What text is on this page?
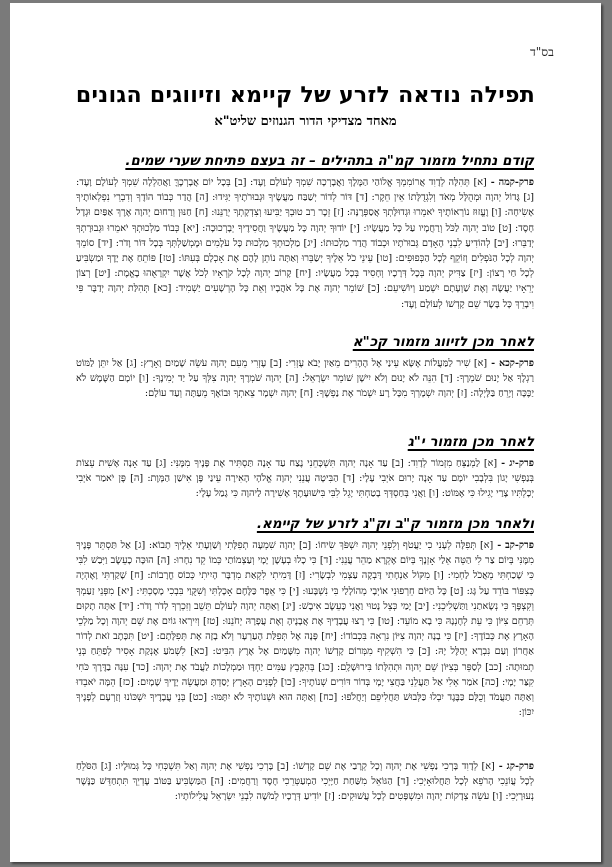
בס"ד
תפילה נודאה לזרע של קיימא וזיווגים הגונים
מאחד מצדיקי הדור הגנוזים שליט"א
קודם נתחיל מזמור קמ"ה בתהילים – זה בעצם פתיחת שערי שמים.

פרק-קמה -[א] תְּהִלָּה לְדָוִד אֲרוֹמִמְךָ אֱלוֹהַי הַמֶּלֶךְ וַאֲבָרְכָה שִׁמְךָ לְעוֹלָם וָעֶד: [ב] בְּכָל יוֹם אֲבָרְכֶךָּ וַאֲהַלְלָה שִׁמְךָ לְעוֹלָם וָעֶד: [ג] גָּדוֹל יְהוָה וּמְהֻלָּל מְאֹד וְלִגְדֻלָּתוֹ אֵין חֵקֶר: [ד] דּוֹר לְדוֹר יְשַׁבַּח מַעֲשֶׂיךָ וּגְבוּרֹתֶיךָ יַגִּידוּ: [ה] הֲדַר כְּבוֹד הוֹדֶךָ וְדִבְרֵי נִפְלְאוֹתֶיךָ אָשִׂיחָה: [ו] וֶעֱזוּז נוֹרְאוֹתֶיךָ יֹאמֵרוּ וּגְדוּלָּתְךָ אֲסַפְּרֶנָּה: [ז] זֵכֶר רַב טוּבְךָ יַבִּיעוּ וְצִדְקָתְךָ יְרַנֵּנוּ: [ח] חַנּוּן וְרַחוּם יְהוָה אֶרֶךְ אַפַּיִם וּגְדָל חָסֶד: [ט] טוֹב יְהוָה לַכֹּל וְרַחֲמָיו עַל כָּל מַעֲשָׂיו: [י] יוֹדוּךָ יְהוָה כָּל מַעֲשֶׂיךָ וַחֲסִידֶיךָ יְבָרְכוּכָה: [יא] כְּבוֹד מַלְכוּתְךָ יֹאמֵרוּ וּגְבוּרָתְךָ יְדַבֵּרוּ: [יב] לְהוֹדִיעַ לִבְנֵי הָאָדָם גְּבוּרֹתָיו וּכְבוֹד הֲדַר מַלְכוּתוֹ: [יג] מַלְכוּתְךָ מַלְכוּת כָּל עֹלָמִים וּמֶמְשַׁלְתְּךָ בְּכָל דּוֹר וָדֹר: [יד] סוֹמֵךְ יְהוָה לְכָל הַנֹּפְלִים וְזוֹקֵף לְכָל הַכְּפוּפִים: [טו] עֵינֵי כֹל אֵלֶיךָ יְשַׂבֵּרוּ וְאַתָּה נוֹתֵן לָהֶם אֶת אָכְלָם בְּעִתּוֹ: [טז] פּוֹתֵחַ אֶת יָדֶךָ וּמַשְׂבִּיעַ לְכָל חַי רָצוֹן: [יז] צַדִּיק יְהוָה בְּכָל דְּרָכָיו וְחָסִיד בְּכָל מַעֲשָׂיו: [יח] קָרוֹב יְהוָה לְכָל קֹרְאָיו לְכֹל אֲשֶׁר יִקְרָאֻהוּ בֶאֱמֶת: [יט] רְצוֹן יְרֵאָיו יַעֲשֶׂה וְאֶת שַׁוְעָתָם יִשְׁמַע וְיוֹשִׁיעֵם: [כ] שׁוֹמֵר יְהוָה אֶת כָּל אֹהֲבָיו וְאֵת כָּל הָרְשָׁעִים יַשְׁמִיד: [כא] תְּהִלַּת יְהוָה יְדַבֶּר פִּי וִיבָרֵךְ כָּל בָּשָׂר שֵׁם קָדְשׁוֹ לְעוֹלָם וָעֶד:

לאחר מכן לזיווג מזמור קכ"א

פרק-קכא -[א] שִׁיר לַמַּעֲלוֹת אֶשָּׂא עֵינַי אֶל הֶהָרִים מֵאַיִן יָבֹא עֶזְרִי: [ב] עֶזְרִי מֵעִם יְהוָה עֹשֵׂה שָׁמַיִם וָאָרֶץ: [ג] אַל יִתֵּן לַמּוֹט רַגְלֶךָ אַל יָנוּם שֹׁמְרֶךָ: [ד] הִנֵּה לֹא יָנוּם וְלֹא יִישָׁן שׁוֹמֵר יִשְׂרָאֵל: [ה] יְהוָה שֹׁמְרֶךָ יְהוָה צִלְּךָ עַל יַד יְמִינֶךָ: [ו] יוֹמָם הַשֶּׁמֶשׁ לֹא יַכֶּכָּה וְיָרֵחַ בַּלָּיְלָה: [ז] יְהוָה יִשְׁמָרְךָ מִכָּל רָע יִשְׁמֹר אֶת נַפְשֶׁךָ: [ח] יְהוָה יִשְׁמָר צֵאתְךָ וּבוֹאֶךָ מֵעַתָּה וְעַד עוֹלָם:

לאחר מכן מזמור י"ג

פרק-יג -[א] לַמְנַצֵּחַ מִזְמוֹר לְדָוִד: [ב] עַד אָנָה יְהוָה תִּשְׁכָּחֵנִי נֶצַח עַד אָנָה תַּסְתִּיר אֶת פָּנֶיךָ מִמֶּנִּי: [ג] עַד אָנָה אָשִׁית עֵצוֹת בְּנַפְשִׁי יָגוֹן בִּלְבָבִי יוֹמָם עַד אָנָה יָרוּם אֹיְבִי עָלָי: [ד] הַבִּיטָה עֲנֵנִי יְהוָה אֱלֹהָי הָאִירָה עֵינַי פֶּן אִישַׁן הַמָּוֶת: [ה] פֶּן יֹאמַר אֹיְבִי יְכָלְתִּיו צָרַי יָגִילוּ כִּי אֶמּוֹט: [ו] וַאֲנִי בְּחַסְדְּךָ בָטַחְתִּי יָגֵל לִבִּי בִּישׁוּעָתֶךָ אָשִׁירָה לַיהוָה כִּי גָמַל עָלָי:

ולאחר מכן מזמור ק"ב וק"ג לזרע של קיימא.

פרק-קב -[א] תְּפִלָּה לְעָנִי כִי יַעֲטֹף וְלִפְנֵי יְהוָה יִשְׁפֹּךְ שִׂיחוֹ: [ב] יְהוָה שִׁמְעָה תְפִלָּתִי וְשַׁוְעָתִי אֵלֶיךָ תָבוֹא: [ג] אַל תַּסְתֵּר פָּנֶיךָ מִמֶּנִּי בְּיוֹם צַר לִי הַטֵּה אֵלַי אָזְנֶךָ בְּיוֹם אֶקְרָא מַהֵר עֲנֵנִי: [ד] כִּי כָלוּ בְעָשָׁן יָמָי וְעַצְמוֹתַי כְּמוֹ קֵד נִחָרוּ: [ה] הוּכָּה כָעֵשֶׂב וַיִּבַשׁ לִבִּי כִּי שָׁכַחְתִּי מֵאֲכֹל לַחְמִי: [ו] מִקּוֹל אַנְחָתִי דָּבְקָה עַצְמִי לִבְשָׂרִי: [ז] דָּמִיתִי לִקְאַת מִדְבָּר הָיִיתִי כְּכוֹס חֳרָבוֹת: [ח] שָׁקַדְתִּי וָאֶהְיֶה כְּצִפּוֹר בּוֹדֵד עַל גָּג: [ט] כָּל הַיּוֹם חֵרְפוּנִי אוֹיְבָי מְהוֹלָלַי בִּי נִשְׁבָּעוּ: [י] כִּי אֵפֶר כַּלֶּחֶם אָכָלְתִּי וְשִׁקֻּוַי בִּבְכִי מָסָכְתִּי: [יא] מִפְּנֵי זַעַמְךָ וְקִצְפֶּךָ כִּי נְשָׂאתַנִי וַתַּשְׁלִיכֵנִי: [יב] יָמַי כְּצֵל נָטוּי וַאֲנִי כָּעֵשֶׂב אִיבָשׁ: [יג] וְאַתָּה יְהוָה לְעוֹלָם תֵּשֵׁב וְזִכְרְךָ לְדֹר וָדֹר: [יד] אַתָּה תָקוּם תְּרַחֵם צִיּוֹן כִּי עֵת לְחֶנְנָהּ כִּי בָא מוֹעֵד: [טו] כִּי רָצוּ עֲבָדֶיךָ אֶת אֲבָנֶיהָ וְאֶת עֲפָרָהּ יְחֹנֵנוּ: [טז] וְיִירְאוּ גוֹיִם אֶת שֵׁם יְהוָה וְכָל מַלְכֵי הָאָרֶץ אֶת כְּבוֹדֶךָ: [יז] כִּי בָנָה יְהוָה צִיּוֹן נִרְאָה בִּכְבוֹדוֹ: [יח] פָּנָה אֶל תְּפִלַּת הָעַרְעָר וְלֹא בָזָה אֶת תְּפִלָּתָם: [יט] תִּכָּתֶב זֹאת לְדוֹר אַחֲרוֹן וְעַם נִבְרָא יְהַלֶּל יָהּ: [כ] כִּי הִשְׁקִיף מִמְּרוֹם קָדְשׁוֹ יְהוָה מִשָּׁמַיִם אֶל אֶרֶץ הִבִּיט: [כא] לִשְׁמֹעַ אֶנְקַת אָסִיר לְפַתֵּחַ בְּנֵי תְמוּתָה: [כב] לְסַפֵּר בְּצִיּוֹן שֵׁם יְהוָה וּתְהִלָּתוֹ בִּירוּשָׁלָ‍ִם: [כג] בְּהִקָּבֵץ עַמִּים יַחְדָּו וּמַמְלָכוֹת לַעֲבֹד אֶת יְהוָה: [כד] עִנָּה בַדֶּרֶךְ כֹּחִי קִצַּר יָמָי: [כה] אֹמַר אֵלִי אַל תַּעֲלֵנִי בַּחֲצִי יָמָי בְּדוֹר דּוֹרִים שְׁנוֹתֶיךָ: [כו] לְפָנִים הָאָרֶץ יָסַדְתָּ וּמַעֲשֵׂה יָדֶיךָ שָׁמָיִם: [כז] הֵמָּה יֹאבֵדוּ וְאַתָּה תַעֲמֹד וְכֻלָּם כַּבֶּגֶד יִבְלוּ כַּלְּבוּשׁ תַּחֲלִיפֵם וְיַחֲלֹפוּ: [כח] וְאַתָּה הוּא וּשְׁנוֹתֶיךָ לֹא יִתָּמּוּ: [כט] בְּנֵי עֲבָדֶיךָ יִשְׁכּוֹנוּ וְזַרְעָם לְפָנֶיךָ יִכּוֹן:

פרק-קג -[א] לְדָוִד בָּרְכִי נַפְשִׁי אֶת יְהוָה וְכָל קְרָבַי אֶת שֵׁם קָדְשׁוֹ: [ב] בָּרְכִי נַפְשִׁי אֶת יְהוָה וְאַל תִּשְׁכְּחִי כָּל גְּמוּלָיו: [ג] הַסֹּלֵחַ לְכָל עֲוֹנֵכִי הָרֹפֵא לְכָל תַּחֲלוּאָיְכִי: [ד] הַגּוֹאֵל מִשַּׁחַת חַיָּיְכִי הַמְעַטְּרֵכִי חֶסֶד וְרַחֲמִים: [ה] הַמַּשְׂבִּיעַ בַּטּוֹב עֶדְיֵךְ תִּתְחַדֵּשׁ כַּנֶּשֶׁר נְעוּרָיְכִי: [ו] עֹשֵׂה צְדָקוֹת יְהוָה וּמִשְׁפָּטִים לְכָל עֲשׁוּקִים: [ז] יוֹדִיעַ דְּרָכָיו לְמֹשֶׁה לִבְנֵי יִשְׂרָאֵל עֲלִילוֹתָיו:
